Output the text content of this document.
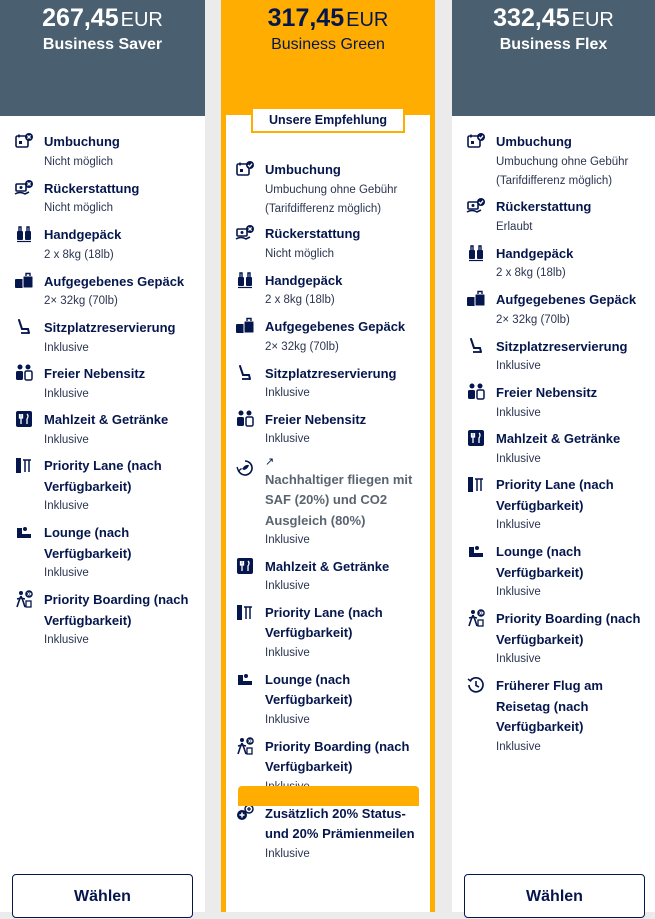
267,45 EUR
Business Saver
Umbuchung
Nicht möglich
Rückerstattung
Nicht möglich
Handgepäck
2 x 8kg (18lb)
Aufgegebenes Gepäck
2× 32kg (70lb)
Sitzplatzreservierung
Inklusive
Freier Nebensitz
Inklusive
Mahlzeit & Getränke
Inklusive
Priority Lane (nach Verfügbarkeit)
Inklusive
Lounge (nach Verfügbarkeit)
Inklusive
Priority Boarding (nach Verfügbarkeit)
Inklusive
Wählen
317,45 EUR
Business Green
Unsere Empfehlung
Umbuchung
Umbuchung ohne Gebühr (Tarifdifferenz möglich)
Rückerstattung
Nicht möglich
Handgepäck
2 x 8kg (18lb)
Aufgegebenes Gepäck
2× 32kg (70lb)
Sitzplatzreservierung
Inklusive
Freier Nebensitz
Inklusive
↗
Nachhaltiger fliegen mit SAF (20%) und CO2 Ausgleich (80%)
Inklusive
Mahlzeit & Getränke
Inklusive
Priority Lane (nach Verfügbarkeit)
Inklusive
Lounge (nach Verfügbarkeit)
Inklusive
Priority Boarding (nach Verfügbarkeit)
Zusätzlich 20% Status- und 20% Prämienmeilen
Inklusive
332,45 EUR
Business Flex
Umbuchung
Umbuchung ohne Gebühr (Tarifdifferenz möglich)
Rückerstattung
Erlaubt
Handgepäck
2 x 8kg (18lb)
Aufgegebenes Gepäck
2× 32kg (70lb)
Sitzplatzreservierung
Inklusive
Freier Nebensitz
Inklusive
Mahlzeit & Getränke
Inklusive
Priority Lane (nach Verfügbarkeit)
Inklusive
Lounge (nach Verfügbarkeit)
Inklusive
Priority Boarding (nach Verfügbarkeit)
Inklusive
Früherer Flug am Reisetag (nach Verfügbarkeit)
Inklusive
Wählen
